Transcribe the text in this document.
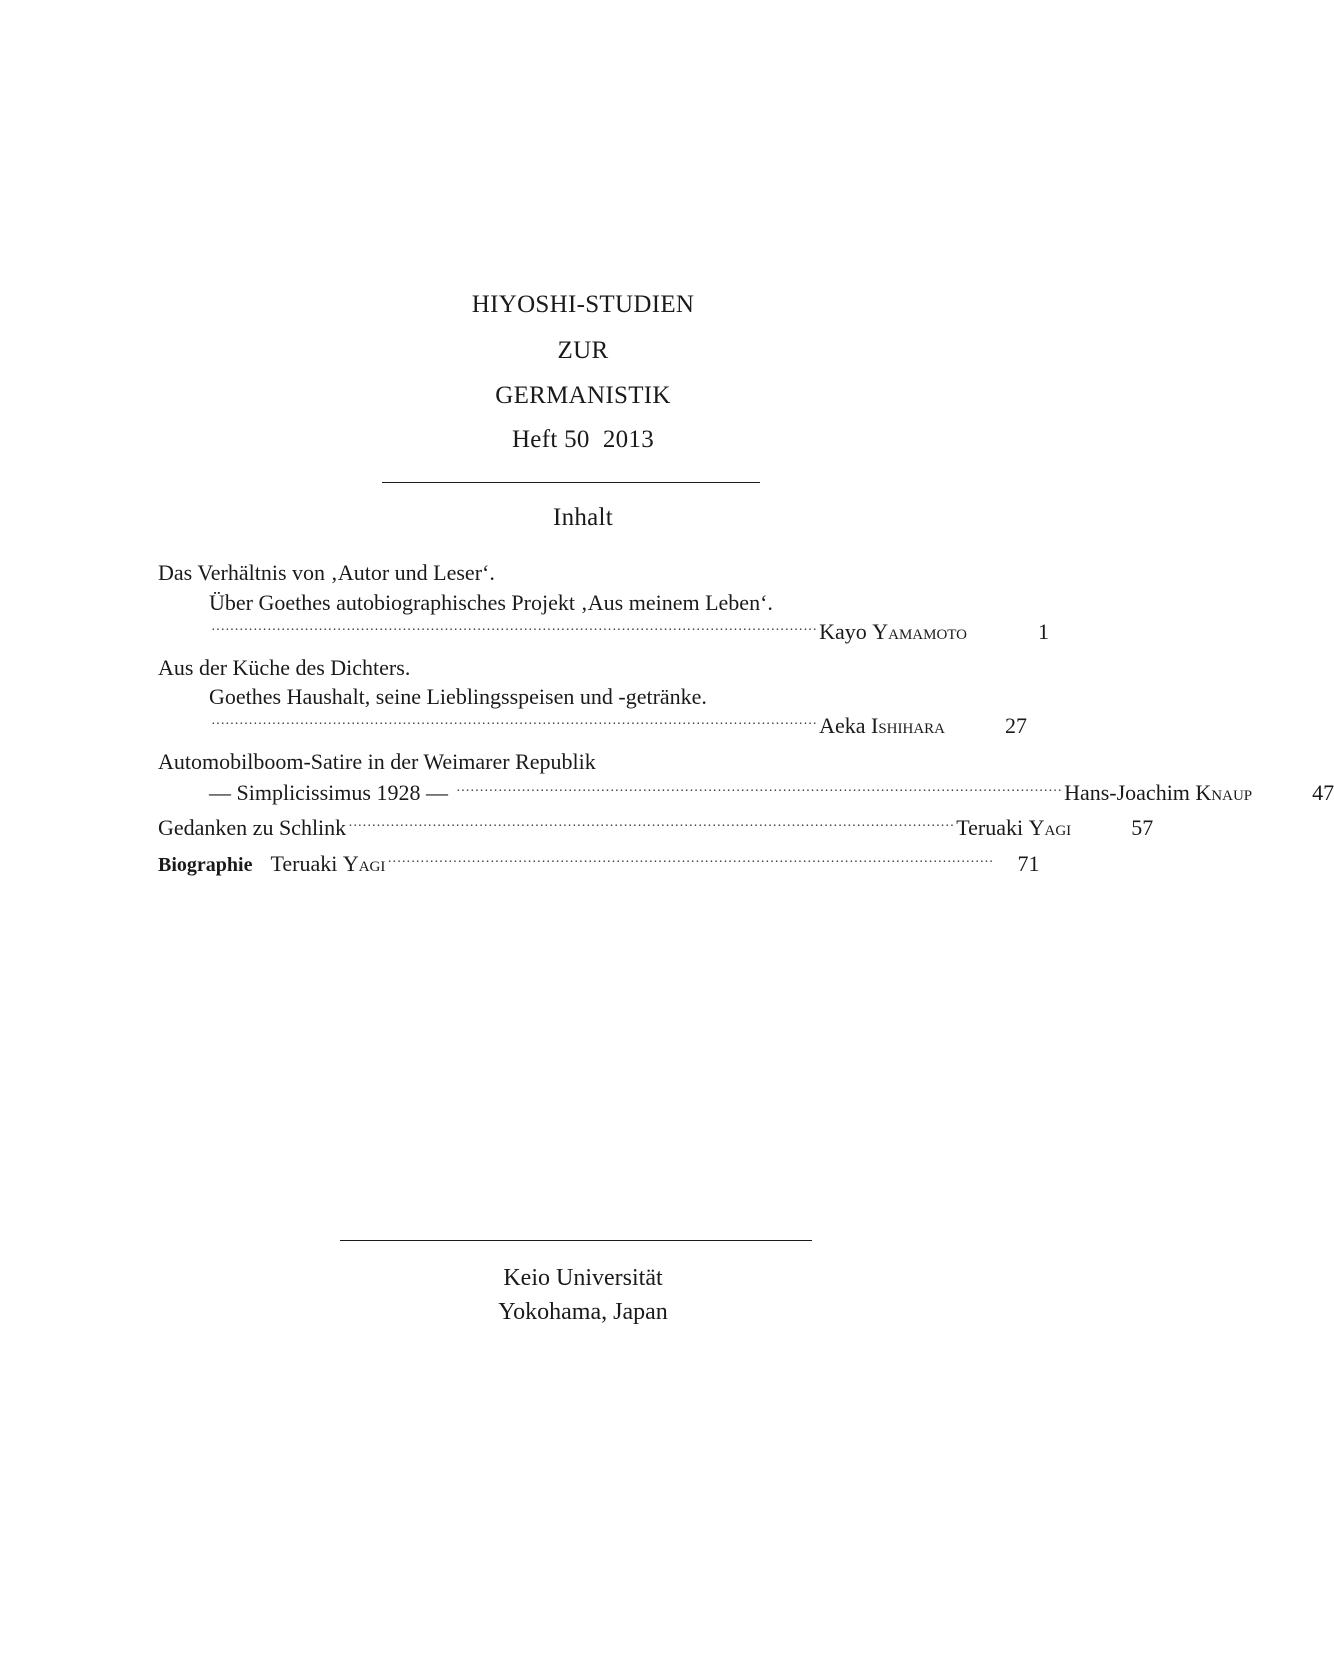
HIYOSHI-STUDIEN
ZUR
GERMANISTIK
Heft 50  2013
Inhalt
Das Verhältnis von ‚Autor und Leser‘.
Über Goethes autobiographisches Projekt ‚Aus meinem Leben‘.
·································································································································· Kayo Yamamoto	1
Aus der Küche des Dichters.
Goethes Haushalt, seine Lieblingsspeisen und -getränke.
·································································································································· Aeka Ishihara	27
Automobilboom-Satire in der Weimarer Republik
— Simplicissimus 1928 — ·································································································································· Hans-Joachim Knaup	47
Gedanken zu Schlink ·································································································································· Teruaki Yagi	57
Biographie Teruaki Yagi ··································································································································	71
Keio Universität
Yokohama, Japan
